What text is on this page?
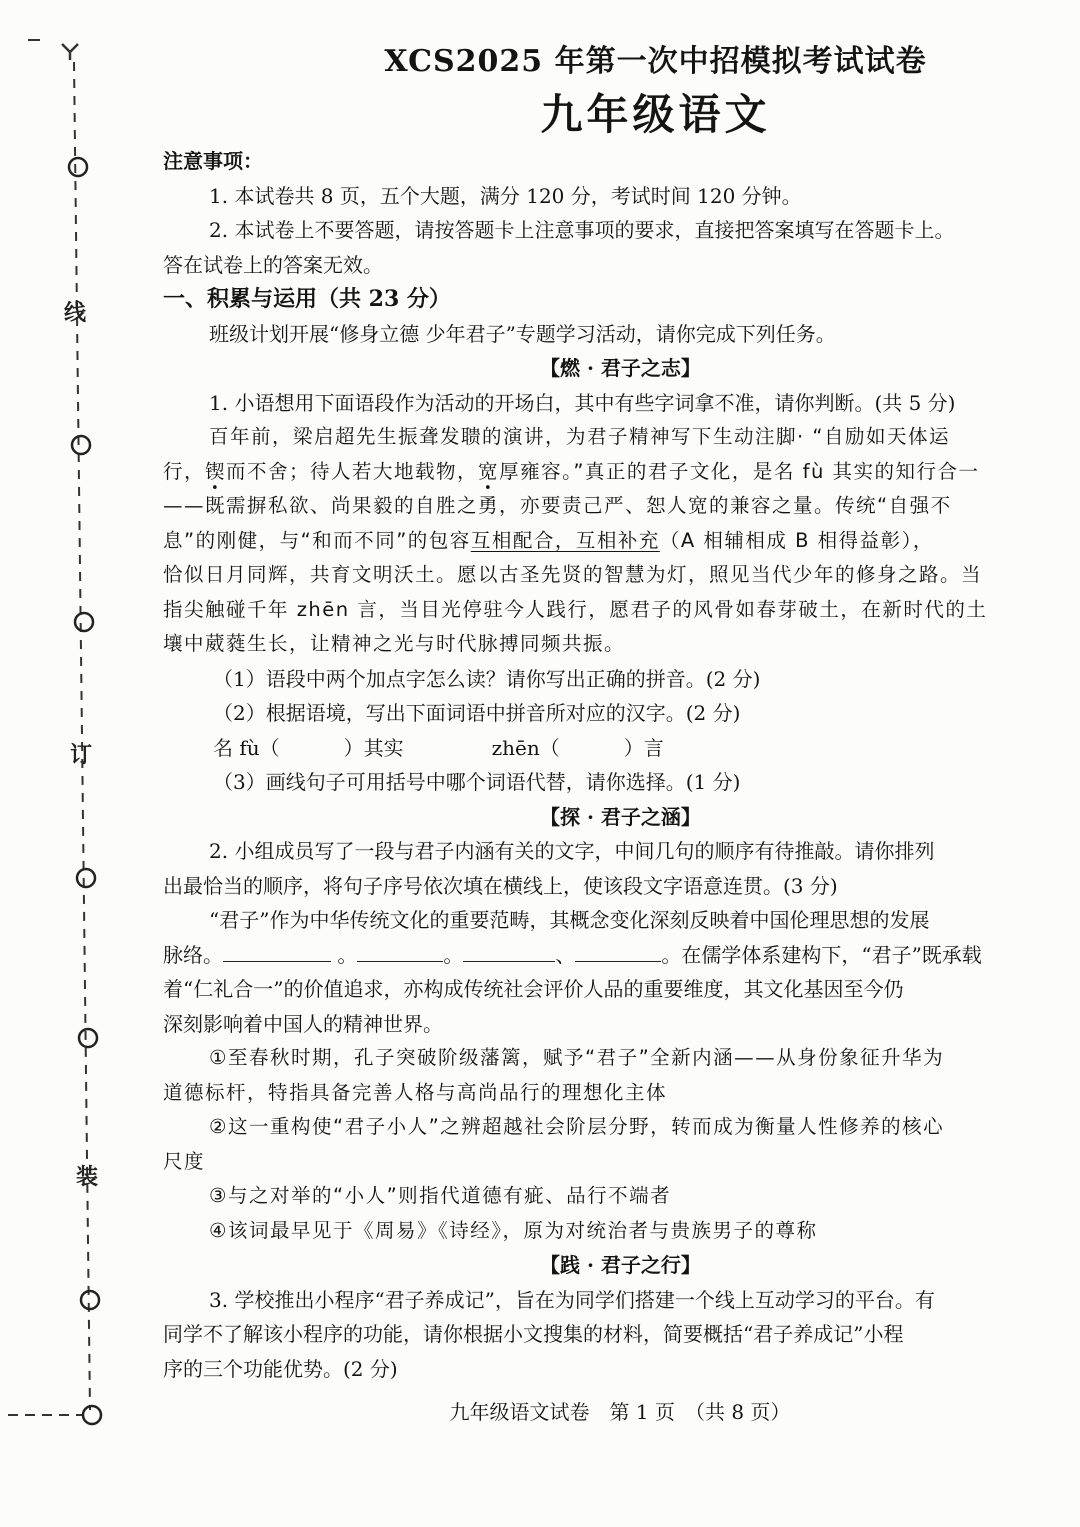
线
订
装
XCS2025 年第一次中招模拟考试试卷
九年级语文
注意事项：
1. 本试卷共 8 页，五个大题，满分 120 分，考试时间 120 分钟。
2. 本试卷上不要答题，请按答题卡上注意事项的要求，直接把答案填写在答题卡上。
答在试卷上的答案无效。
一、积累与运用（共 23 分）
班级计划开展“修身立德 少年君子”专题学习活动，请你完成下列任务。
【燃 · 君子之志】
1. 小语想用下面语段作为活动的开场白，其中有些字词拿不准，请你判断。(共 5 分)
百年前，梁启超先生振聋发聩的演讲，为君子精神写下生动注脚· “自励如天体运
行，锲而不舍；待人若大地载物，宽厚雍容。”真正的君子文化，是名 fù 其实的知行合一
——既需摒私欲、尚果毅的自胜之勇，亦要责己严、恕人宽的兼容之量。传统“自强不
息”的刚健，与“和而不同”的包容互相配合，互相补充（A 相辅相成 B 相得益彰），
恰似日月同辉，共育文明沃土。愿以古圣先贤的智慧为灯，照见当代少年的修身之路。当
指尖触碰千年 zhēn 言，当目光停驻今人践行，愿君子的风骨如春芽破土，在新时代的土
壤中葳蕤生长，让精神之光与时代脉搏同频共振。
（1）语段中两个加点字怎么读？请你写出正确的拼音。(2 分)
（2）根据语境，写出下面词语中拼音所对应的汉字。(2 分)
名 fù（	）其实	zhēn（	）言
（3）画线句子可用括号中哪个词语代替，请你选择。(1 分)
【探 · 君子之涵】
2. 小组成员写了一段与君子内涵有关的文字，中间几句的顺序有待推敲。请你排列
出最恰当的顺序，将句子序号依次填在横线上，使该段文字语意连贯。(3 分)
“君子”作为中华传统文化的重要范畴，其概念变化深刻反映着中国伦理思想的发展
脉络。	。	。	、	。在儒学体系建构下，“君子”既承载
着“仁礼合一”的价值追求，亦构成传统社会评价人品的重要维度，其文化基因至今仍
深刻影响着中国人的精神世界。
①至春秋时期，孔子突破阶级藩篱，赋予“君子”全新内涵——从身份象征升华为
道德标杆，特指具备完善人格与高尚品行的理想化主体
②这一重构使“君子小人”之辨超越社会阶层分野，转而成为衡量人性修养的核心
尺度
③与之对举的“小人”则指代道德有疵、品行不端者
④该词最早见于《周易》《诗经》，原为对统治者与贵族男子的尊称
【践 · 君子之行】
3. 学校推出小程序“君子养成记”，旨在为同学们搭建一个线上互动学习的平台。有
同学不了解该小程序的功能，请你根据小文搜集的材料，简要概括“君子养成记”小程
序的三个功能优势。(2 分)
九年级语文试卷　第 1 页　（共 8 页）
